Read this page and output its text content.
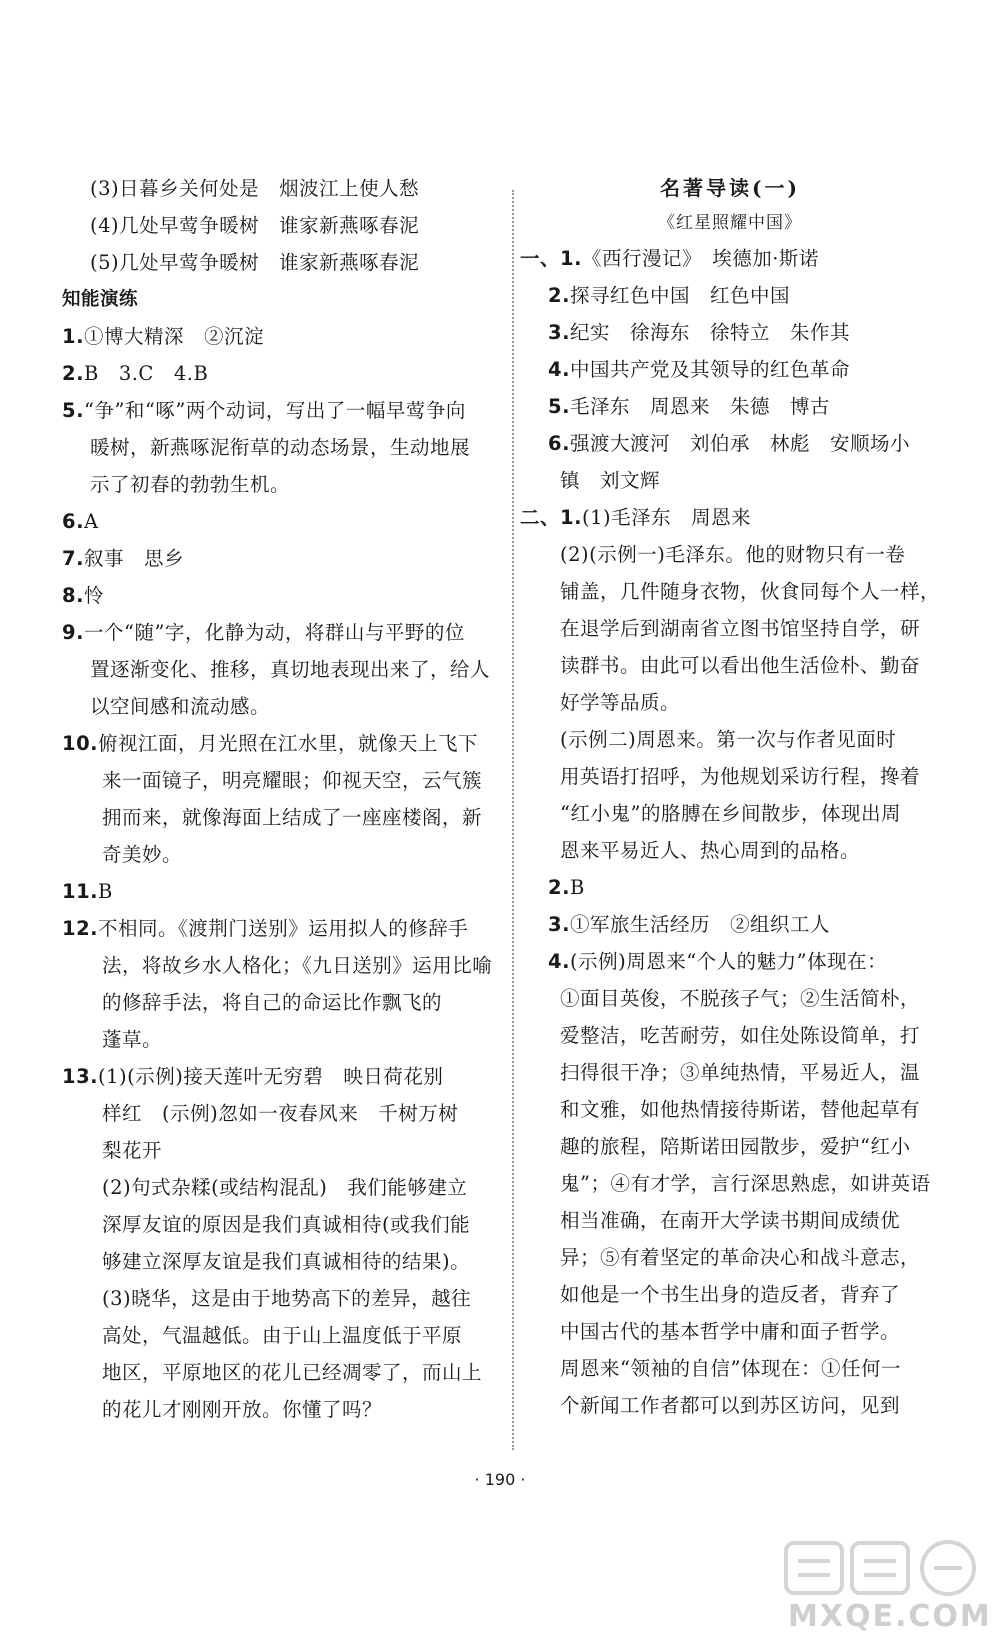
(3)日暮乡关何处是　烟波江上使人愁
(4)几处早莺争暖树　谁家新燕啄春泥
(5)几处早莺争暖树　谁家新燕啄春泥
知能演练
1.①博大精深　②沉淀
2.B　3.C　4.B
5.“争”和“啄”两个动词，写出了一幅早莺争向
暖树，新燕啄泥衔草的动态场景，生动地展
示了初春的勃勃生机。
6.A
7.叙事　思乡
8.怜
9.一个“随”字，化静为动，将群山与平野的位
置逐渐变化、推移，真切地表现出来了，给人
以空间感和流动感。
10.俯视江面，月光照在江水里，就像天上飞下
来一面镜子，明亮耀眼；仰视天空，云气簇
拥而来，就像海面上结成了一座座楼阁，新
奇美妙。
11.B
12.不相同。《渡荆门送别》运用拟人的修辞手
法，将故乡水人格化；《九日送别》运用比喻
的修辞手法，将自己的命运比作飘飞的
蓬草。
13.(1)(示例)接天莲叶无穷碧　映日荷花别
样红　(示例)忽如一夜春风来　千树万树
梨花开
(2)句式杂糅(或结构混乱)　我们能够建立
深厚友谊的原因是我们真诚相待(或我们能
够建立深厚友谊是我们真诚相待的结果)。
(3)晓华，这是由于地势高下的差异，越往
高处，气温越低。由于山上温度低于平原
地区，平原地区的花儿已经凋零了，而山上
的花儿才刚刚开放。你懂了吗？
名著导读(一)
《红星照耀中国》
一、1.《西行漫记》　埃德加·斯诺
2.探寻红色中国　红色中国
3.纪实　徐海东　徐特立　朱作其
4.中国共产党及其领导的红色革命
5.毛泽东　周恩来　朱德　博古
6.强渡大渡河　刘伯承　林彪　安顺场小
镇　刘文辉
二、1.(1)毛泽东　周恩来
(2)(示例一)毛泽东。他的财物只有一卷
铺盖，几件随身衣物，伙食同每个人一样，
在退学后到湖南省立图书馆坚持自学，研
读群书。由此可以看出他生活俭朴、勤奋
好学等品质。
(示例二)周恩来。第一次与作者见面时
用英语打招呼，为他规划采访行程，搀着
“红小鬼”的胳膊在乡间散步，体现出周
恩来平易近人、热心周到的品格。
2.B
3.①军旅生活经历　②组织工人
4.(示例)周恩来“个人的魅力”体现在：
①面目英俊，不脱孩子气；②生活简朴，
爱整洁，吃苦耐劳，如住处陈设简单，打
扫得很干净；③单纯热情，平易近人，温
和文雅，如他热情接待斯诺，替他起草有
趣的旅程，陪斯诺田园散步，爱护“红小
鬼”；④有才学，言行深思熟虑，如讲英语
相当准确，在南开大学读书期间成绩优
异；⑤有着坚定的革命决心和战斗意志，
如他是一个书生出身的造反者，背弃了
中国古代的基本哲学中庸和面子哲学。
周恩来“领袖的自信”体现在：①任何一
个新闻工作者都可以到苏区访问，见到
· 190 ·
MXQE.COM
